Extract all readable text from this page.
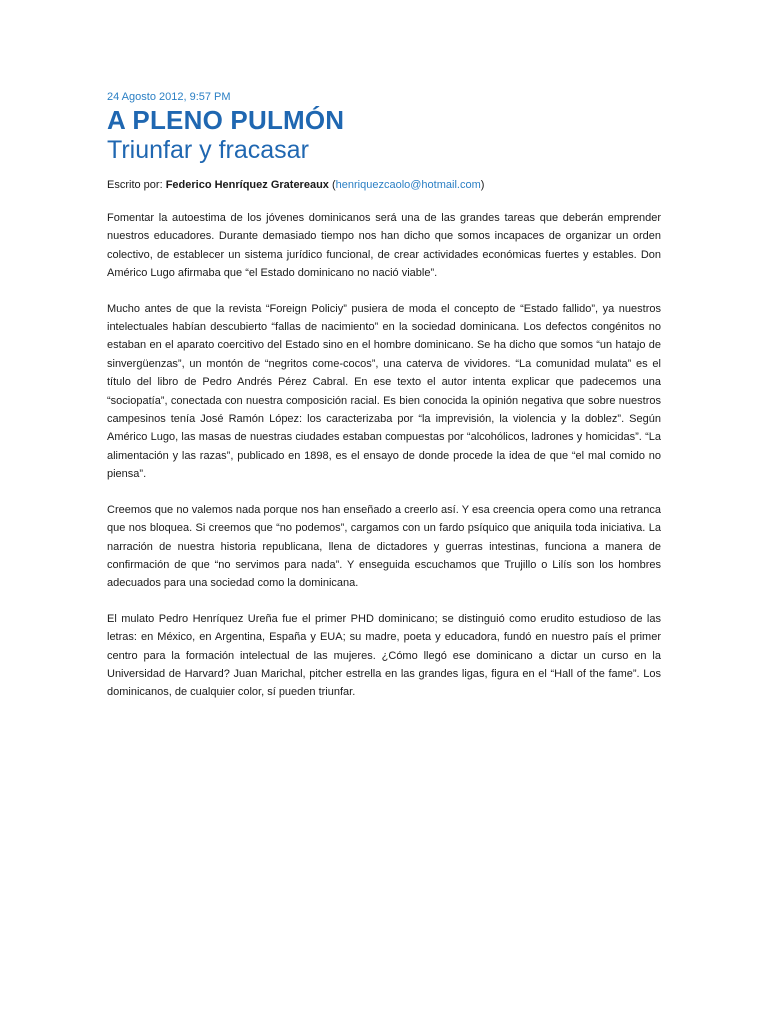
24 Agosto 2012, 9:57 PM

A PLENO PULMÓN
Triunfar y fracasar

Escrito por: Federico Henríquez Gratereaux (henriquezcaolo@hotmail.com)

Fomentar la autoestima de los jóvenes dominicanos será una de las grandes tareas que deberán emprender nuestros educadores. Durante demasiado tiempo nos han dicho que somos incapaces de organizar un orden colectivo, de establecer un sistema jurídico funcional, de crear actividades económicas fuertes y estables. Don Américo Lugo afirmaba que “el Estado dominicano no nació viable”.

Mucho antes de que la revista “Foreign Policiy” pusiera de moda el concepto de “Estado fallido”, ya nuestros intelectuales habían descubierto “fallas de nacimiento” en la sociedad dominicana. Los defectos congénitos no estaban en el aparato coercitivo del Estado sino en el hombre dominicano. Se ha dicho que somos “un hatajo de sinvergüenzas”, un montón de “negritos come-cocos”, una caterva de vividores. “La comunidad mulata” es el título del libro de Pedro Andrés Pérez Cabral. En ese texto el autor intenta explicar que padecemos una “sociopatía”, conectada con nuestra composición racial. Es bien conocida la opinión negativa que sobre nuestros campesinos tenía José Ramón López: los caracterizaba por “la imprevisión, la violencia y la doblez”. Según Américo Lugo, las masas de nuestras ciudades estaban compuestas por “alcohólicos, ladrones y homicidas”. “La alimentación y las razas”, publicado en 1898, es el ensayo de donde procede la idea de que “el mal comido no piensa”.

Creemos que no valemos nada porque nos han enseñado a creerlo así. Y esa creencia opera como una retranca que nos bloquea. Si creemos que “no podemos”, cargamos con un fardo psíquico que aniquila toda iniciativa. La narración de nuestra historia republicana, llena de dictadores y guerras intestinas, funciona a manera de confirmación de que “no servimos para nada”. Y enseguida escuchamos que Trujillo o Lilís son los hombres adecuados para una sociedad como la dominicana.

El mulato Pedro Henríquez Ureña fue el primer PHD dominicano; se distinguió como erudito estudioso de las letras: en México, en Argentina, España y EUA; su madre, poeta y educadora, fundó en nuestro país el primer centro para la formación intelectual de las mujeres. ¿Cómo llegó ese dominicano a dictar un curso en la Universidad de Harvard? Juan Marichal, pitcher estrella en las grandes ligas, figura en el “Hall of the fame”. Los dominicanos, de cualquier color, sí pueden triunfar.
